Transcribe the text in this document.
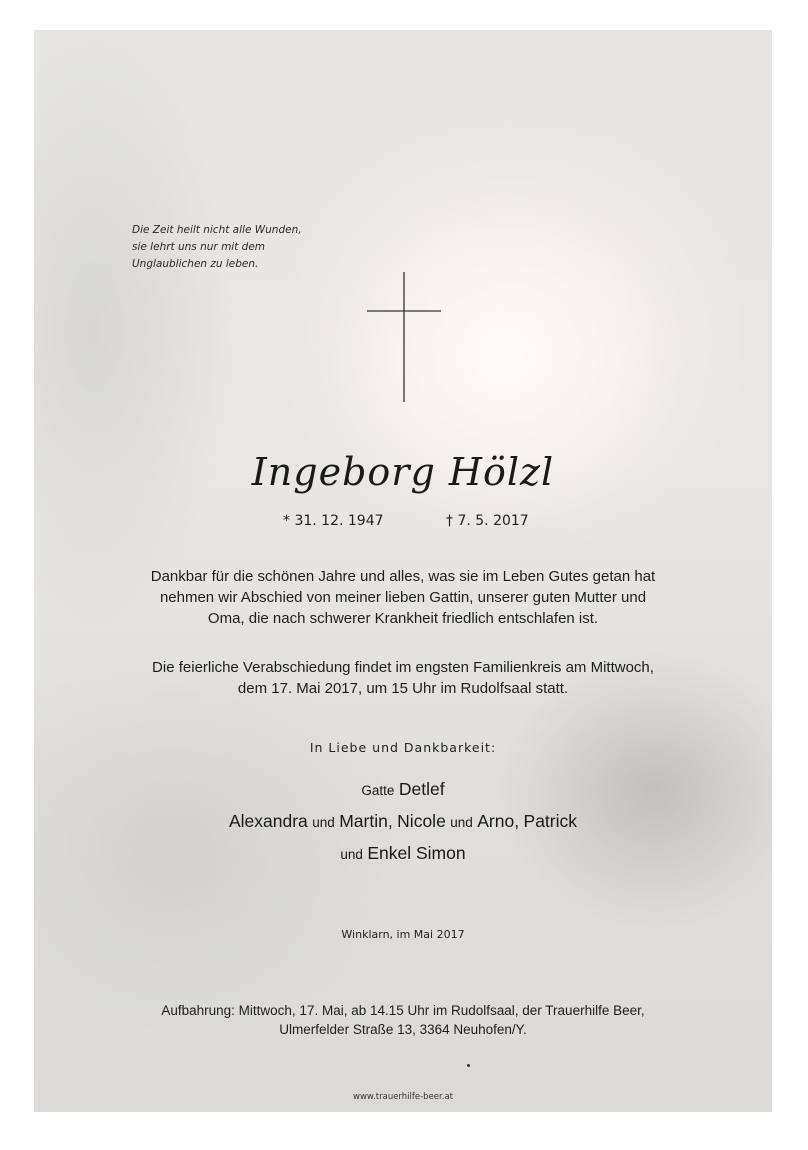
Die Zeit heilt nicht alle Wunden,
sie lehrt uns nur mit dem
Unglaublichen zu leben.
Ingeborg Hölzl
* 31. 12. 1947	† 7. 5. 2017
Dankbar für die schönen Jahre und alles, was sie im Leben Gutes getan hat
nehmen wir Abschied von meiner lieben Gattin, unserer guten Mutter und
Oma, die nach schwerer Krankheit friedlich entschlafen ist.
Die feierliche Verabschiedung findet im engsten Familienkreis am Mittwoch,
dem 17. Mai 2017, um 15 Uhr im Rudolfsaal statt.
In Liebe und Dankbarkeit:
Gatte Detlef
Alexandra und Martin, Nicole und Arno, Patrick
und Enkel Simon
Winklarn, im Mai 2017
Aufbahrung: Mittwoch, 17. Mai, ab 14.15 Uhr im Rudolfsaal, der Trauerhilfe Beer,
Ulmerfelder Straße 13, 3364 Neuhofen/Y.
www.trauerhilfe-beer.at
